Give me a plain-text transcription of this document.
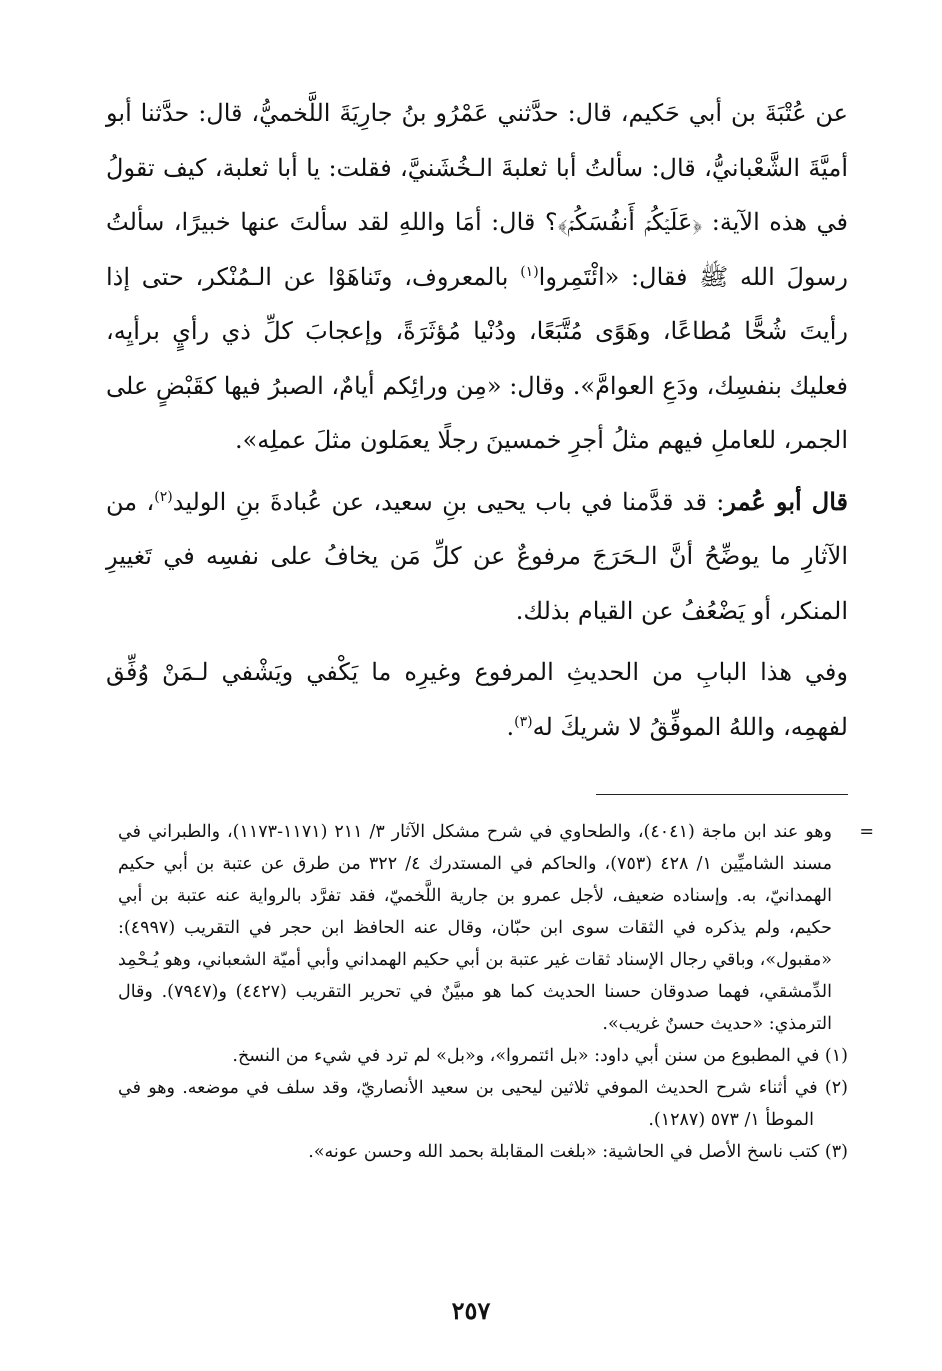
عن عُتْبَةَ بن أبي حَكيم، قال: حدَّثني عَمْرُو بنُ جارِيَةَ اللَّخميُّ، قال: حدَّثنا أبو أميَّةَ الشَّعْبانيُّ، قال: سألتُ أبا ثعلبةَ الـخُشَنيَّ، فقلت: يا أبا ثعلبة، كيف تقولُ في هذه الآية: ﴿عَلَيۡكُمۡ أَنفُسَكُمۡ﴾؟ قال: أمَا واللهِ لقد سألتَ عنها خبيرًا، سألتُ رسولَ الله ﷺ فقال: «ائْتَمِروا$^{(١)}$ بالمعروف، وتَناهَوْا عن الـمُنْكر، حتى إذا رأيتَ شُحًّا مُطاعًا، وهَوًى مُتَّبَعًا، ودُنْيا مُؤثَرَةً، وإعجابَ كلِّ ذي رأيٍ برأيِه، فعليك بنفسِك، ودَعِ العوامَّ». وقال: «مِن ورائِكم أيامٌ، الصبرُ فيها كقَبْضٍ على الجمر، للعاملِ فيهم مثلُ أجرِ خمسينَ رجلًا يعمَلون مثلَ عملِه».

قال أبو عُمر: قد قدَّمنا في باب يحيى بنِ سعيد، عن عُبادةَ بنِ الوليد$^{(٢)}$، من الآثارِ ما يوضِّحُ أنَّ الـحَرَجَ مرفوعٌ عن كلِّ مَن يخافُ على نفسِه في تَغييرِ المنكر، أو يَضْعُفُ عن القيام بذلك.

وفي هذا البابِ من الحديثِ المرفوع وغيرِه ما يَكْفي ويَشْفي لـمَنْ وُفِّق لفهمِه، واللهُ الموفِّقُ لا شريكَ له$^{(٣)}$.

=
وهو عند ابن ماجة (٤٠٤١)، والطحاوي في شرح مشكل الآثار ٣/ ٢١١ (١١٧١-١١٧٣)، والطبراني في مسند الشاميِّين ١/ ٤٢٨ (٧٥٣)، والحاكم في المستدرك ٤/ ٣٢٢ من طرق عن عتبة بن أبي حكيم الهمدانيّ، به. وإسناده ضعيف، لأجل عمرو بن جارية اللَّخميّ، فقد تفرَّد بالرواية عنه عتبة بن أبي حكيم، ولم يذكره في الثقات سوى ابن حبّان، وقال عنه الحافظ ابن حجر في التقريب (٤٩٩٧): «مقبول»، وباقي رجال الإسناد ثقات غير عتبة بن أبي حكيم الهمداني وأبي أميّة الشعباني، وهو يُـحْمِد الدِّمشقي، فهما صدوقان حسنا الحديث كما هو مبيَّنٌ في تحرير التقريب (٤٤٢٧) و(٧٩٤٧). وقال الترمذي: «حديث حسنٌ غريب».

(١) في المطبوع من سنن أبي داود: «بل ائتمروا»، و«بل» لم ترد في شيء من النسخ.

(٢) في أثناء شرح الحديث الموفي ثلاثين ليحيى بن سعيد الأنصاريّ، وقد سلف في موضعه. وهو في الموطأ ١/ ٥٧٣ (١٢٨٧).

(٣) كتب ناسخ الأصل في الحاشية: «بلغت المقابلة بحمد الله وحسن عونه».

٢٥٧
